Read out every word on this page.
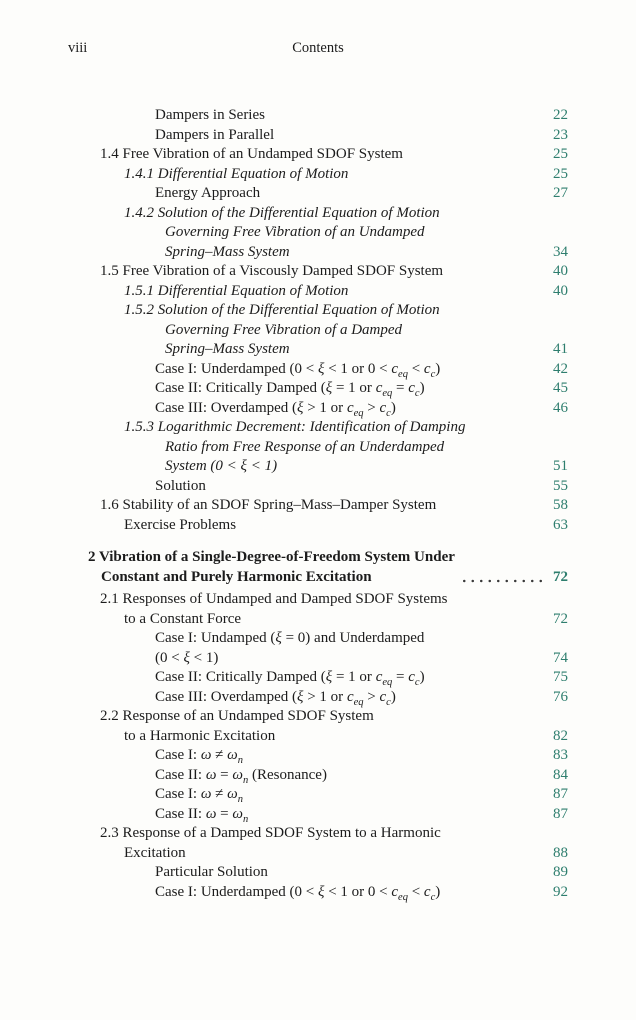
viii	Contents
Dampers in Series	22
Dampers in Parallel	23
1.4 Free Vibration of an Undamped SDOF System	25
1.4.1 Differential Equation of Motion	25
Energy Approach	27
1.4.2 Solution of the Differential Equation of Motion
Governing Free Vibration of an Undamped
Spring–Mass System	34
1.5 Free Vibration of a Viscously Damped SDOF System	40
1.5.1 Differential Equation of Motion	40
1.5.2 Solution of the Differential Equation of Motion
Governing Free Vibration of a Damped
Spring–Mass System	41
Case I: Underdamped (0 < ξ < 1 or $0 < c_{eq} < c_c$)	42
Case II: Critically Damped (ξ = 1 or $c_{eq} = c_c$)	45
Case III: Overdamped (ξ > 1 or $c_{eq} > c_c$)	46
1.5.3 Logarithmic Decrement: Identification of Damping
Ratio from Free Response of an Underdamped
System (0 < ξ < 1)	51
Solution	55
1.6 Stability of an SDOF Spring–Mass–Damper System	58
Exercise Problems	63
2 Vibration of a Single-Degree-of-Freedom System Under
Constant and Purely Harmonic Excitation	72
2.1 Responses of Undamped and Damped SDOF Systems
to a Constant Force	72
Case I: Undamped (ξ = 0) and Underdamped
(0 < ξ < 1)	74
Case II: Critically Damped (ξ = 1 or $c_{eq} = c_c$)	75
Case III: Overdamped (ξ > 1 or $c_{eq} > c_c$)	76
2.2 Response of an Undamped SDOF System
to a Harmonic Excitation	82
Case I: $\omega \ne \omega_n$	83
Case II: $\omega = \omega_n$ (Resonance)	84
Case I: $\omega \ne \omega_n$	87
Case II: $\omega = \omega_n$	87
2.3 Response of a Damped SDOF System to a Harmonic
Excitation	88
Particular Solution	89
Case I: Underdamped (0 < ξ < 1 or $0 < c_{eq} < c_c$)	92
